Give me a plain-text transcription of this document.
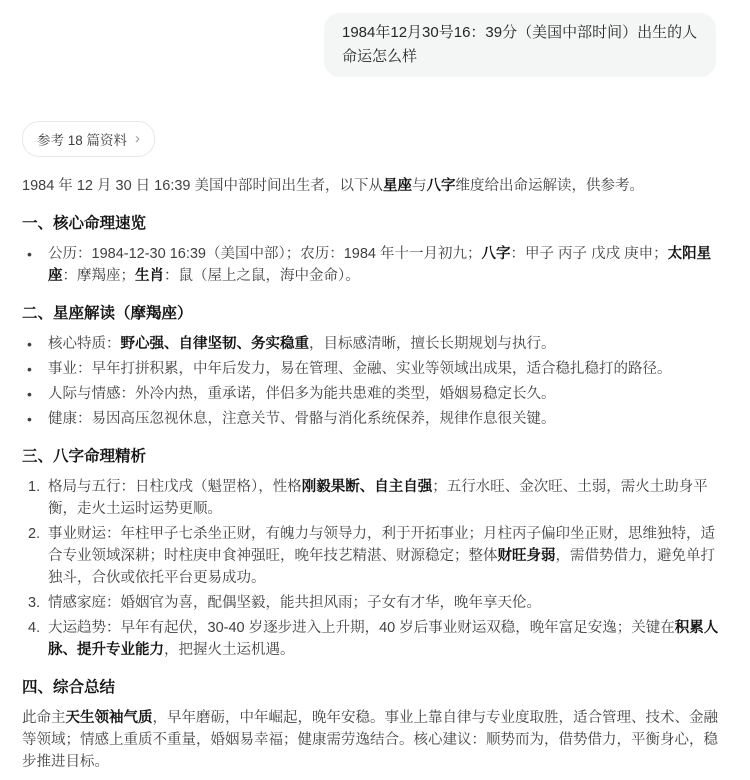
1984年12月30号16：39分（美国中部时间）出生的人 命运怎么样
参考 18 篇资料 ›

1984 年 12 月 30 日 16:39 美国中部时间出生者，以下从星座与八字维度给出命运解读，供参考。

一、核心命理速览
• 公历：1984-12-30 16:39（美国中部）；农历：1984 年十一月初九；八字：甲子 丙子 戊戌 庚申；太阳星座：摩羯座；生肖：鼠（屋上之鼠，海中金命）。
二、星座解读（摩羯座）
• 核心特质：野心强、自律坚韧、务实稳重，目标感清晰，擅长长期规划与执行。
• 事业：早年打拼积累，中年后发力，易在管理、金融、实业等领域出成果，适合稳扎稳打的路径。
• 人际与情感：外冷内热，重承诺，伴侣多为能共患难的类型，婚姻易稳定长久。
• 健康：易因高压忽视休息，注意关节、骨骼与消化系统保养，规律作息很关键。
三、八字命理精析
格局与五行：日柱戊戌（魁罡格），性格刚毅果断、自主自强；五行水旺、金次旺、土弱，需火土助身平衡，走火土运时运势更顺。
事业财运：年柱甲子七杀坐正财，有魄力与领导力，利于开拓事业；月柱丙子偏印坐正财，思维独特，适合专业领域深耕；时柱庚申食神强旺，晚年技艺精湛、财源稳定；整体财旺身弱，需借势借力，避免单打独斗，合伙或依托平台更易成功。
情感家庭：婚姻官为喜，配偶坚毅，能共担风雨；子女有才华，晚年享天伦。
大运趋势：早年有起伏，30-40 岁逐步进入上升期，40 岁后事业财运双稳，晚年富足安逸；关键在积累人脉、提升专业能力，把握火土运机遇。
四、综合总结

此命主天生领袖气质，早年磨砺，中年崛起，晚年安稳。事业上靠自律与专业度取胜，适合管理、技术、金融等领域；情感上重质不重量，婚姻易幸福；健康需劳逸结合。核心建议：顺势而为，借势借力，平衡身心，稳步推进目标。
